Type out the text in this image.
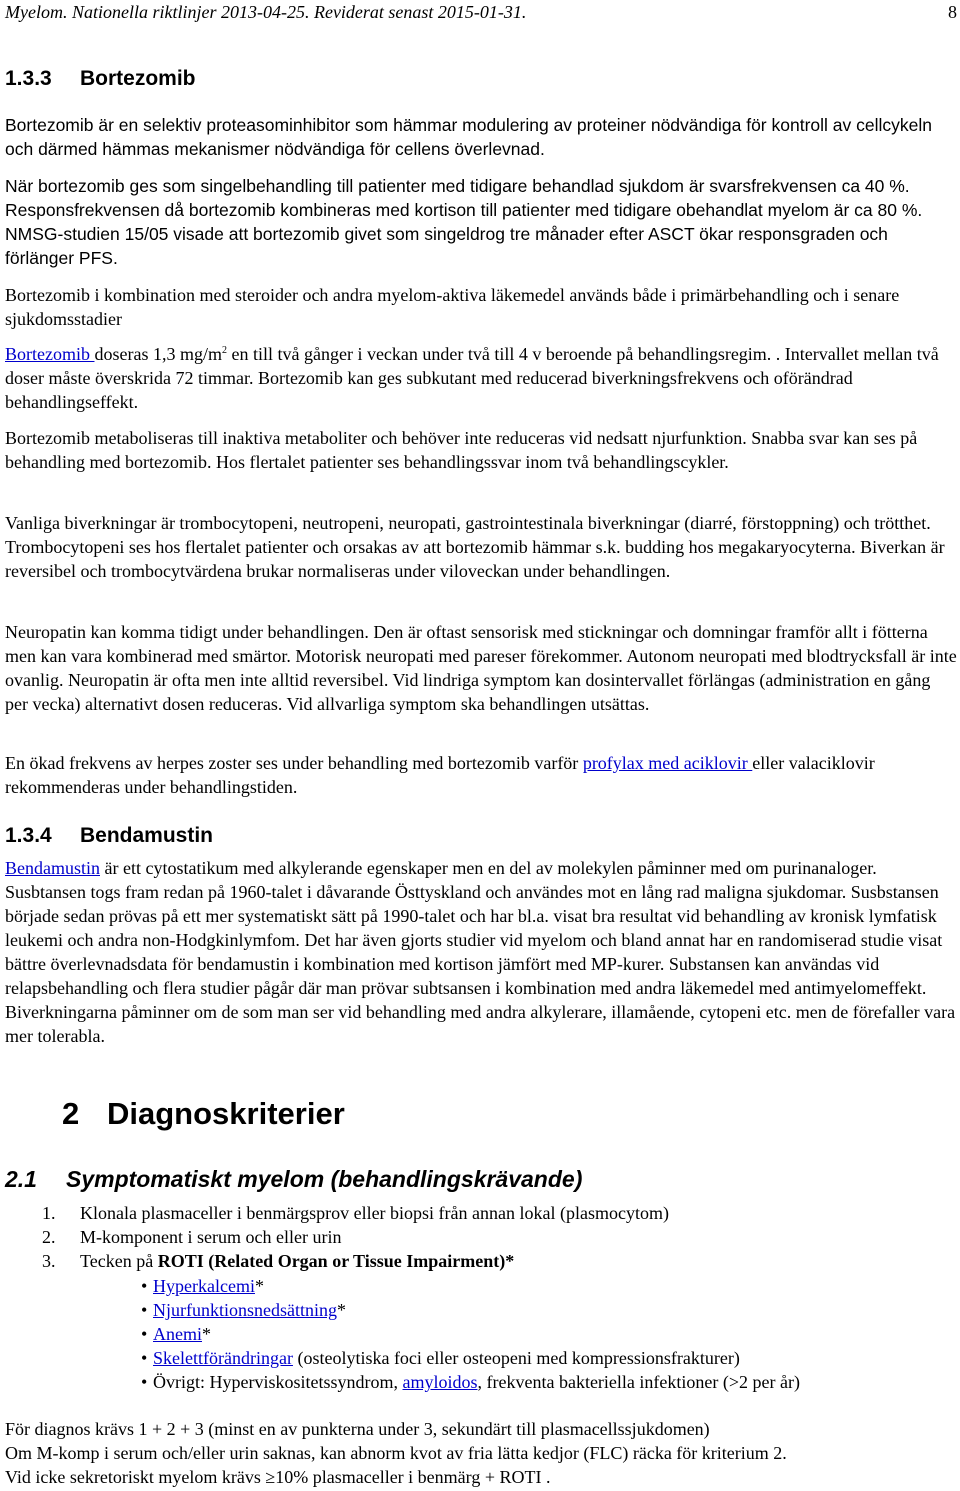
Myelom. Nationella riktlinjer 2013-04-25. Reviderat senast 2015-01-31.	8
1.3.3 Bortezomib

Bortezomib är en selektiv proteasominhibitor som hämmar modulering av proteiner nödvändiga för kontroll av cellcykeln och därmed hämmas mekanismer nödvändiga för cellens överlevnad.

När bortezomib ges som singelbehandling till patienter med tidigare behandlad sjukdom är svarsfrekvensen ca 40 %. Responsfrekvensen då bortezomib kombineras med kortison till patienter med tidigare obehandlat myelom är ca 80 %. NMSG-studien 15/05 visade att bortezomib givet som singeldrog tre månader efter ASCT ökar responsgraden och förlänger PFS.

Bortezomib i kombination med steroider och andra myelom-aktiva läkemedel används både i primärbehandling och i senare sjukdomsstadier

Bortezomib doseras 1,3 $mg/m^2$ en till två gånger i veckan under två till 4 v beroende på behandlingsregim. . Intervallet mellan två doser måste överskrida 72 timmar. Bortezomib kan ges subkutant med reducerad biverkningsfrekvens och oförändrad behandlingseffekt.

Bortezomib metaboliseras till inaktiva metaboliter och behöver inte reduceras vid nedsatt njurfunktion. Snabba svar kan ses på behandling med bortezomib. Hos flertalet patienter ses behandlingssvar inom två behandlingscykler.

Vanliga biverkningar är trombocytopeni, neutropeni, neuropati, gastrointestinala biverkningar (diarré, förstoppning) och trötthet. Trombocytopeni ses hos flertalet patienter och orsakas av att bortezomib hämmar s.k. budding hos megakaryocyterna. Biverkan är reversibel och trombocytvärdena brukar normaliseras under viloveckan under behandlingen.

Neuropatin kan komma tidigt under behandlingen. Den är oftast sensorisk med stickningar och domningar framför allt i fötterna men kan vara kombinerad med smärtor. Motorisk neuropati med pareser förekommer. Autonom neuropati med blodtrycksfall är inte ovanlig. Neuropatin är ofta men inte alltid reversibel. Vid lindriga symptom kan dosintervallet förlängas (administration en gång per vecka) alternativt dosen reduceras. Vid allvarliga symptom ska behandlingen utsättas.

En ökad frekvens av herpes zoster ses under behandling med bortezomib varför profylax med aciklovir eller valaciklovir rekommenderas under behandlingstiden.

1.3.4 Bendamustin

Bendamustin är ett cytostatikum med alkylerande egenskaper men en del av molekylen påminner med om purinanaloger. Susbtansen togs fram redan på 1960-talet i dåvarande Östtyskland och användes mot en lång rad maligna sjukdomar. Susbstansen började sedan prövas på ett mer systematiskt sätt på 1990-talet och har bl.a. visat bra resultat vid behandling av kronisk lymfatisk leukemi och andra non-Hodgkinlymfom. Det har även gjorts studier vid myelom och bland annat har en randomiserad studie visat bättre överlevnadsdata för bendamustin i kombination med kortison jämfört med MP-kurer. Substansen kan användas vid relapsbehandling och flera studier pågår där man prövar subtsansen i kombination med andra läkemedel med antimyelomeffekt. Biverkningarna påminner om de som man ser vid behandling med andra alkylerare, illamående, cytopeni etc. men de förefaller vara mer tolerabla.

2 Diagnoskriterier
2.1 Symptomatiskt myelom (behandlingskrävande)
1. Klonala plasmaceller i benmärgsprov eller biopsi från annan lokal (plasmocytom)
2. M-komponent i serum och eller urin
3. Tecken på ROTI (Related Organ or Tissue Impairment)*
• Hyperkalcemi*
• Njurfunktionsnedsättning*
• Anemi*
• Skelettförändringar (osteolytiska foci eller osteopeni med kompressionsfrakturer)
• Övrigt: Hyperviskositetssyndrom, amyloidos, frekventa bakteriella infektioner (>2 per år)
För diagnos krävs 1 + 2 + 3 (minst en av punkterna under 3, sekundärt till plasmacellssjukdomen)
Om M-komp i serum och/eller urin saknas, kan abnorm kvot av fria lätta kedjor (FLC) räcka för kriterium 2.
Vid icke sekretoriskt myelom krävs ≥10% plasmaceller i benmärg + ROTI .
